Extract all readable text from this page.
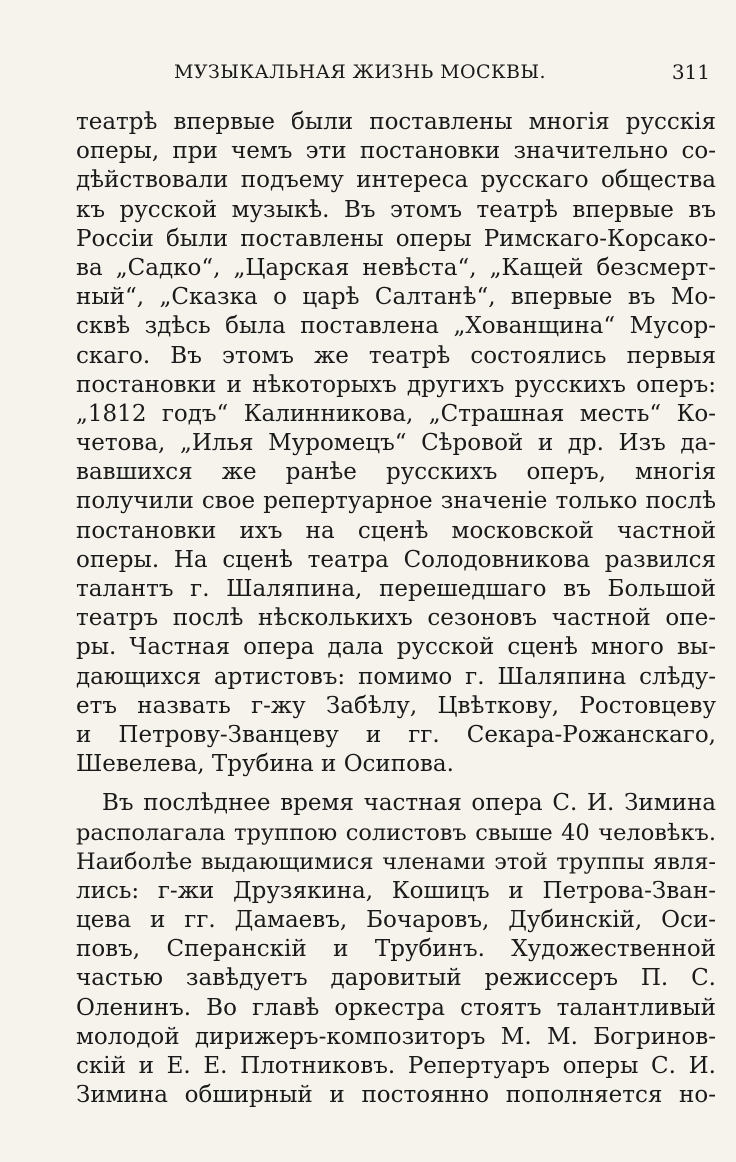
МУЗЫКАЛЬНАЯ ЖИЗНЬ МОСКВЫ.	311
театрѣ впервые были поставлены многія русскія
оперы, при чемъ эти постановки значительно со-
дѣйствовали подъему интереса русскаго общества
къ русской музыкѣ. Въ этомъ театрѣ впервые въ
Россіи были поставлены оперы Римскаго-Корсако-
ва „Садко“, „Царская невѣста“, „Кащей безсмерт-
ный“, „Сказка о царѣ Салтанѣ“, впервые въ Мо-
сквѣ здѣсь была поставлена „Хованщина“ Мусор-
скаго. Въ этомъ же театрѣ состоялись первыя
постановки и нѣкоторыхъ другихъ русскихъ оперъ:
„1812 годъ“ Калинникова, „Страшная месть“ Ко-
четова, „Илья Муромецъ“ Сѣровой и др. Изъ да-
вавшихся же ранѣе русскихъ оперъ, многія
получили свое репертуарное значеніе только послѣ
постановки ихъ на сценѣ московской частной
оперы. На сценѣ театра Солодовникова развился
талантъ г. Шаляпина, перешедшаго въ Большой
театръ послѣ нѣсколькихъ сезоновъ частной опе-
ры. Частная опера дала русской сценѣ много вы-
дающихся артистовъ: помимо г. Шаляпина слѣду-
етъ назвать г-жу Забѣлу, Цвѣткову, Ростовцеву
и Петрову-Званцеву и гг. Секара-Рожанскаго,
Шевелева, Трубина и Осипова.
Въ послѣднее время частная опера С. И. Зимина
располагала труппою солистовъ свыше 40 человѣкъ.
Наиболѣе выдающимися членами этой труппы явля-
лись: г-жи Друзякина, Кошицъ и Петрова-Зван-
цева и гг. Дамаевъ, Бочаровъ, Дубинскій, Оси-
повъ, Сперанскій и Трубинъ. Художественной
частью завѣдуетъ даровитый режиссеръ П. С.
Оленинъ. Во главѣ оркестра стоятъ талантливый
молодой дирижеръ-композиторъ М. М. Богринов-
скій и Е. Е. Плотниковъ. Репертуаръ оперы С. И.
Зимина обширный и постоянно пополняется но-
